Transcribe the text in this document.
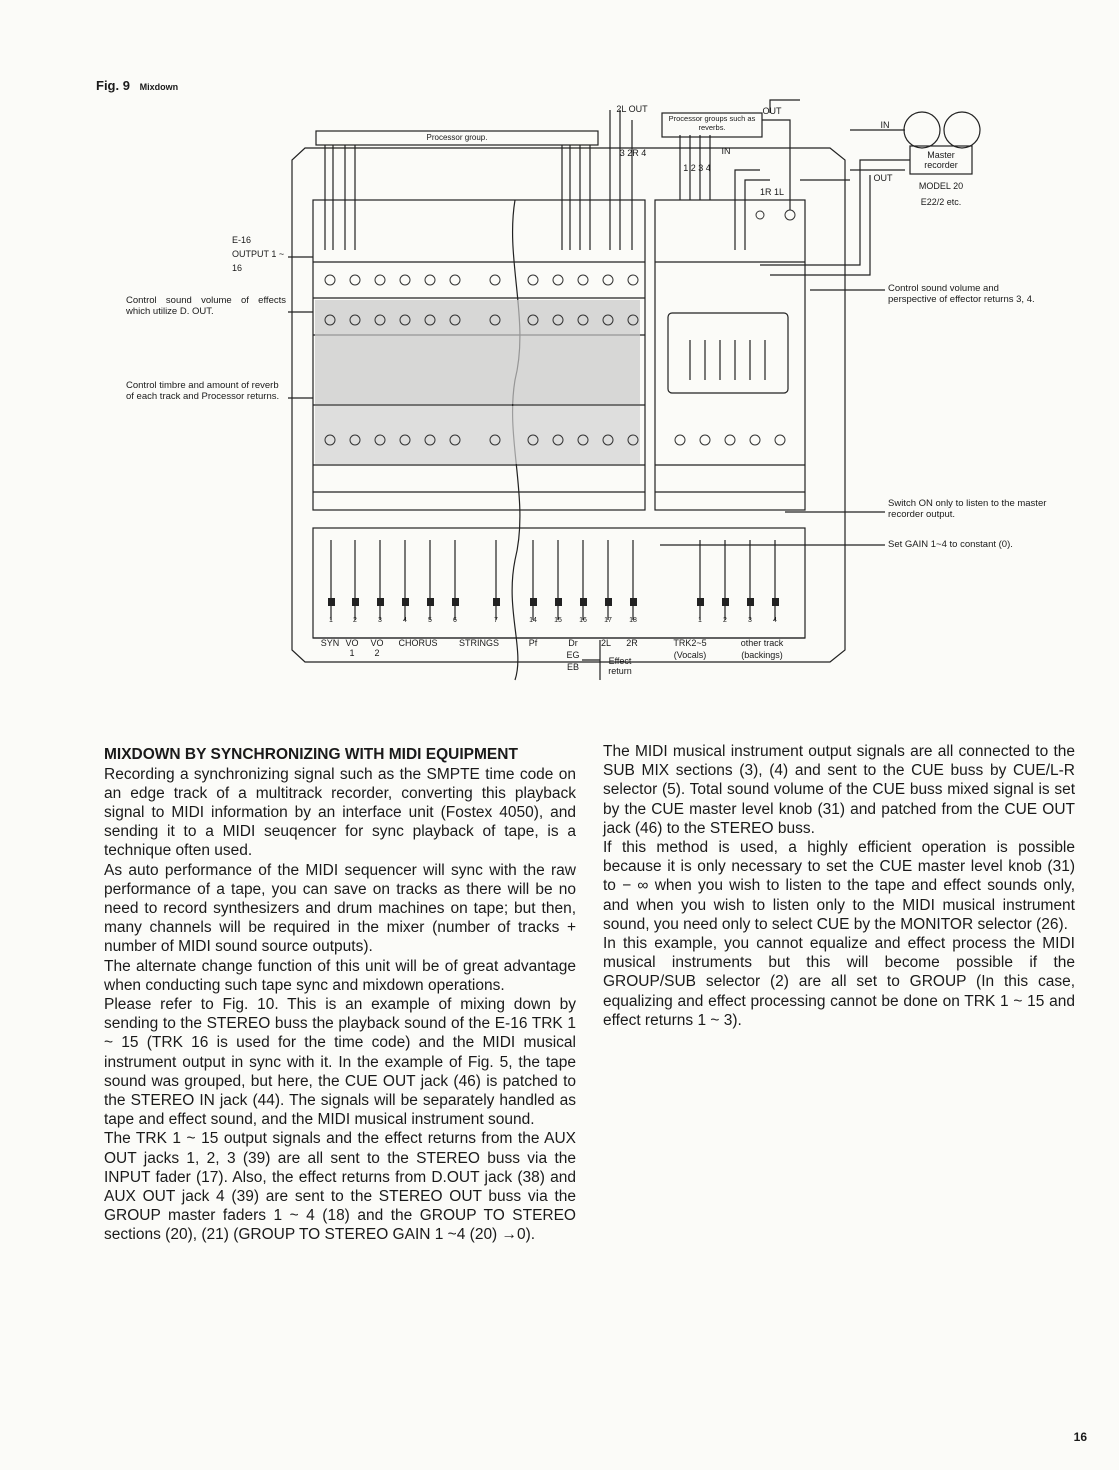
Fig. 9 Mixdown
Processor group.
Processor groups such as reverbs.
2L OUT	OUT
IN
3 2R 4
1 2 3 4
1R 1L
Master recorder
IN
OUT
MODEL 20
E22/2 etc.
E-16 OUTPUT 1 ~ 16
Control sound volume of effects which utilize D. OUT.
Control timbre and amount of reverb of each track and Processor returns.
Control sound volume and perspective of effector returns 3, 4.
Switch ON only to listen to the master recorder output.
Set GAIN 1~4 to constant (0).
1	2	3	4	5	6	7	14	15	16	17	18	1	2	3	4
SYN VO 1
VO 2
CHORUS	STRINGS	Pf	Dr
EG
EB
2L	2R
Effect return
TRK2~5
(Vocals)
other track
(backings)
MIXDOWN BY SYNCHRONIZING WITH MIDI EQUIPMENT

Recording a synchronizing signal such as the SMPTE time code on an edge track of a multitrack recorder, converting this playback signal to MIDI information by an interface unit (Fostex 4050), and sending it to a MIDI seuqencer for sync playback of tape, is a technique often used.

As auto performance of the MIDI sequencer will sync with the raw performance of a tape, you can save on tracks as there will be no need to record synthesizers and drum machines on tape; but then, many channels will be required in the mixer (number of tracks + number of MIDI sound source outputs).

The alternate change function of this unit will be of great advantage when conducting such tape sync and mixdown operations.

Please refer to Fig. 10. This is an example of mixing down by sending to the STEREO buss the playback sound of the E-16 TRK 1 ~ 15 (TRK 16 is used for the time code) and the MIDI musical instrument output in sync with it. In the example of Fig. 5, the tape sound was grouped, but here, the CUE OUT jack (46) is patched to the STEREO IN jack (44). The signals will be separately handled as tape and effect sound, and the MIDI musical instrument sound.

The TRK 1 ~ 15 output signals and the effect returns from the AUX OUT jacks 1, 2, 3 (39) are all sent to the STEREO buss via the INPUT fader (17). Also, the effect returns from D.OUT jack (38) and AUX OUT jack 4 (39) are sent to the STEREO OUT buss via the GROUP master faders 1 ~ 4 (18) and the GROUP TO STEREO sections (20), (21) (GROUP TO STEREO GAIN 1 ~4 (20) →0).

The MIDI musical instrument output signals are all connected to the SUB MIX sections (3), (4) and sent to the CUE buss by CUE/L-R selector (5). Total sound volume of the CUE buss mixed signal is set by the CUE master level knob (31) and patched from the CUE OUT jack (46) to the STEREO buss.

If this method is used, a highly efficient operation is possible because it is only necessary to set the CUE master level knob (31) to − ∞ when you wish to listen to the tape and effect sounds only, and when you wish to listen only to the MIDI musical instrument sound, you need only to select CUE by the MONITOR selector (26).

In this example, you cannot equalize and effect process the MIDI musical instruments but this will become possible if the GROUP/SUB selector (2) are all set to GROUP (In this case, equalizing and effect processing cannot be done on TRK 1 ~ 15 and effect returns 1 ~ 3).

16
